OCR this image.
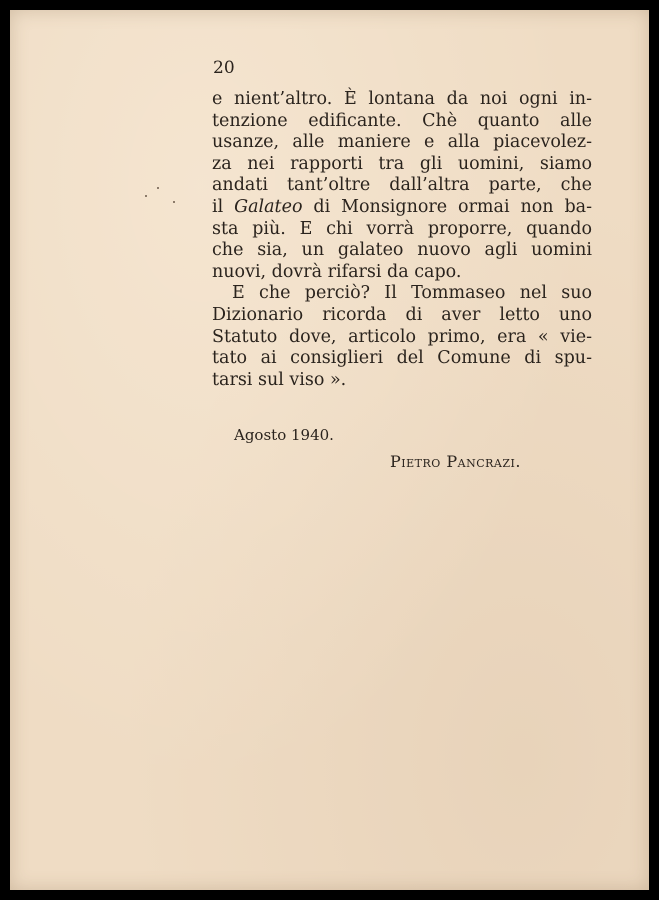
20
e nient’altro. È lontana da noi ogni in-
tenzione edificante. Chè quanto alle
usanze, alle maniere e alla piacevolez-
za nei rapporti tra gli uomini, siamo
andati tant’oltre dall’altra parte, che
il Galateo di Monsignore ormai non ba-
sta più. E chi vorrà proporre, quando
che sia, un galateo nuovo agli uomini
nuovi, dovrà rifarsi da capo.
E che perciò? Il Tommaseo nel suo
Dizionario ricorda di aver letto uno
Statuto dove, articolo primo, era « vie-
tato ai consiglieri del Comune di spu-
tarsi sul viso ».
Agosto 1940.
Pietro Pancrazi.
